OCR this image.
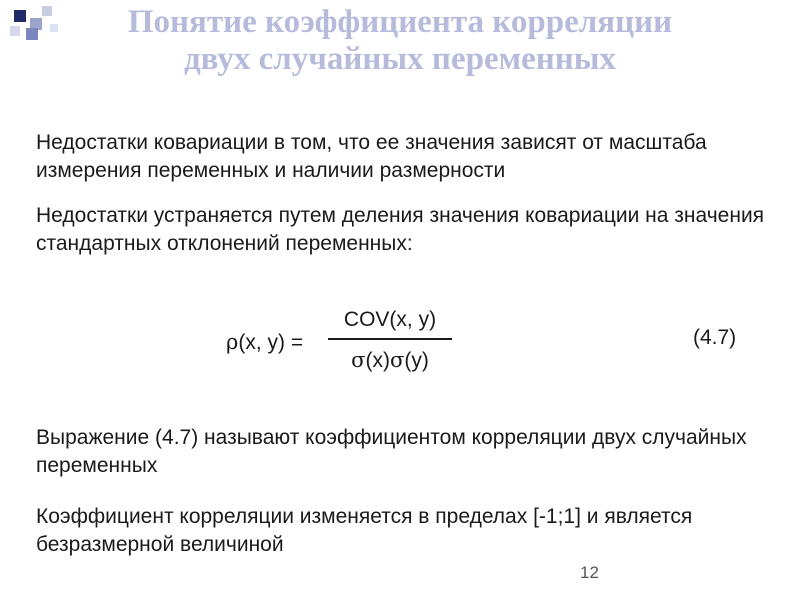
Понятие коэффициента корреляции
двух случайных переменных

Недостатки ковариации в том, что ее значения зависят от масштаба измерения переменных и наличии размерности

Недостатки устраняется путем деления значения ковариации на значения стандартных отклонений переменных:

ρ(x, y) =
COV(x, y)
σ(x)σ(y)
(4.7)

Выражение (4.7) называют коэффициентом корреляции двух случайных переменных

Коэффициент корреляции изменяется в пределах [-1;1] и является безразмерной величиной

12
